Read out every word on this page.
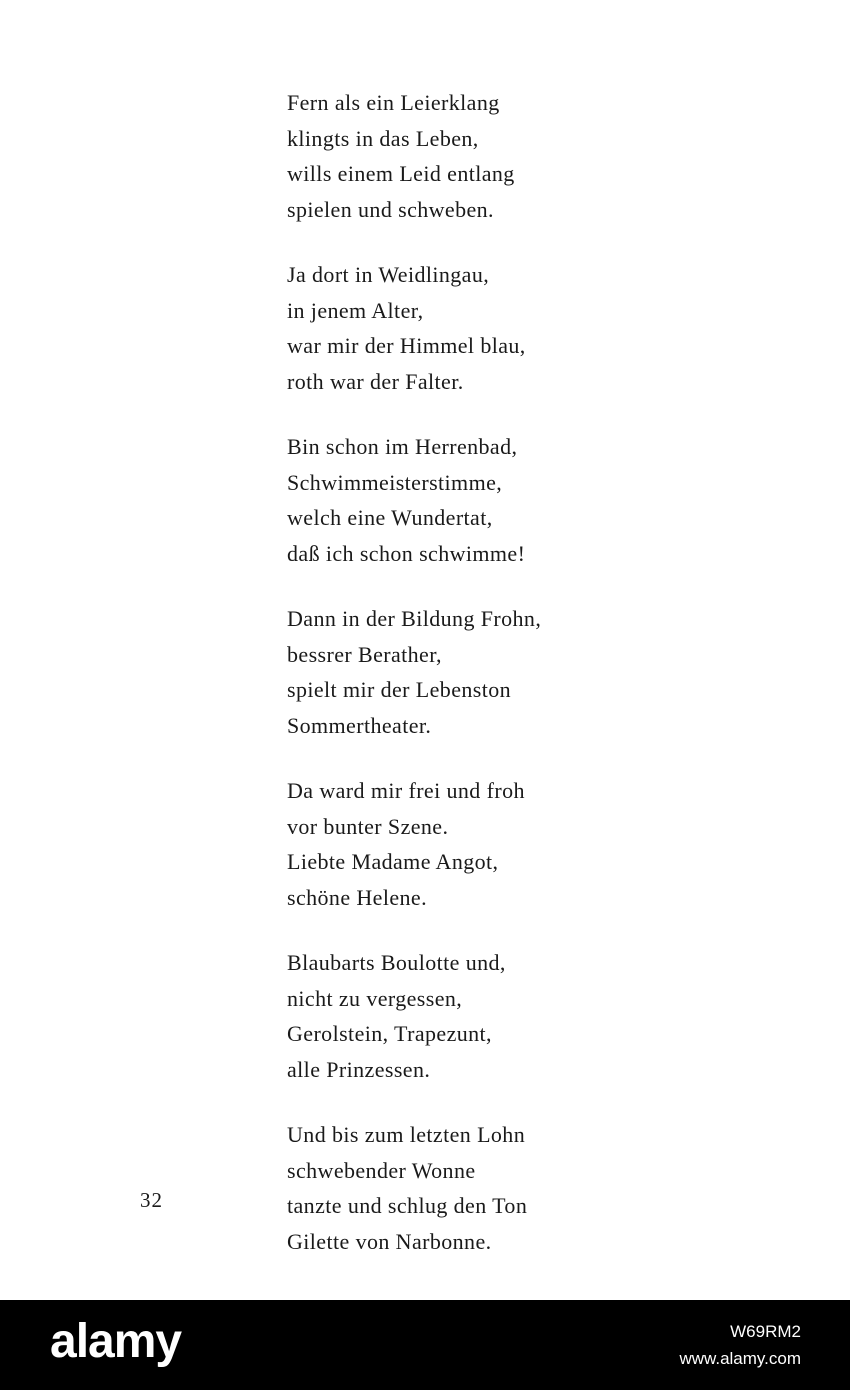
Fern als ein Leierklang
klingts in das Leben,
wills einem Leid entlang
spielen und schweben.
Ja dort in Weidlingau,
in jenem Alter,
war mir der Himmel blau,
roth war der Falter.
Bin schon im Herrenbad,
Schwimmeisterstimme,
welch eine Wundertat,
daß ich schon schwimme!
Dann in der Bildung Frohn,
bessrer Berather,
spielt mir der Lebenston
Sommertheater.
Da ward mir frei und froh
vor bunter Szene.
Liebte Madame Angot,
schöne Helene.
Blaubarts Boulotte und,
nicht zu vergessen,
Gerolstein, Trapezunt,
alle Prinzessen.
Und bis zum letzten Lohn
schwebender Wonne
tanzte und schlug den Ton
Gilette von Narbonne.
32
alamy	W69RM2
www.alamy.com
